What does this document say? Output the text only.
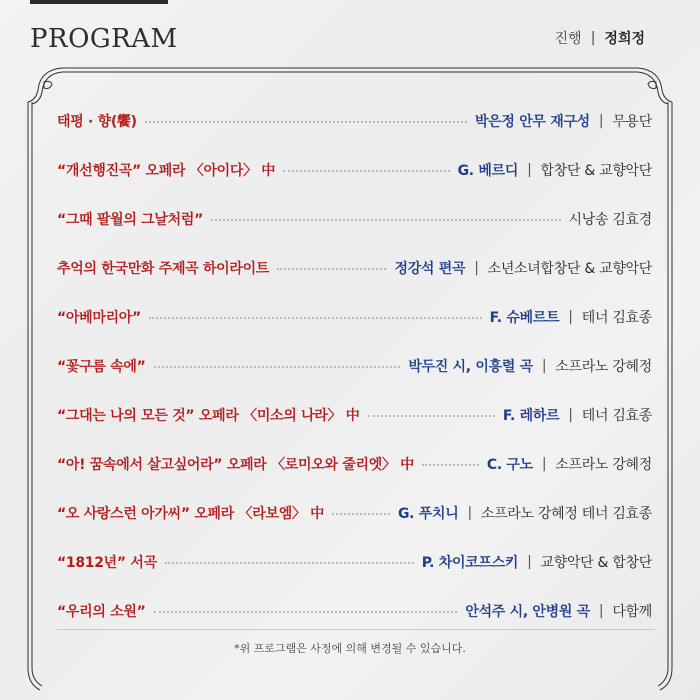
PROGRAM	진행 | 정희정
태평 · 향(饗)	박은정 안무 재구성 | 무용단
“개선행진곡” 오페라 〈아이다〉 中	G. 베르디 | 합창단 & 교향악단
“그때 팔월의 그날처럼”	시낭송 김효경
추억의 한국만화 주제곡 하이라이트	정강석 편곡 | 소년소녀합창단 & 교향악단
“아베마리아”	F. 슈베르트 | 테너 김효종
“꽃구름 속에”	박두진 시, 이흥렬 곡 | 소프라노 강혜정
“그대는 나의 모든 것” 오페라 〈미소의 나라〉 中	F. 레하르 | 테너 김효종
“아! 꿈속에서 살고싶어라” 오페라 〈로미오와 줄리엣〉 中	C. 구노 | 소프라노 강혜정
“오 사랑스런 아가씨” 오페라 〈라보엠〉 中	G. 푸치니 | 소프라노 강혜정 테너 김효종
“1812년” 서곡	P. 차이코프스키 | 교향악단 & 합창단
“우리의 소원”	안석주 시, 안병원 곡 | 다함께
*위 프로그램은 사정에 의해 변경될 수 있습니다.
